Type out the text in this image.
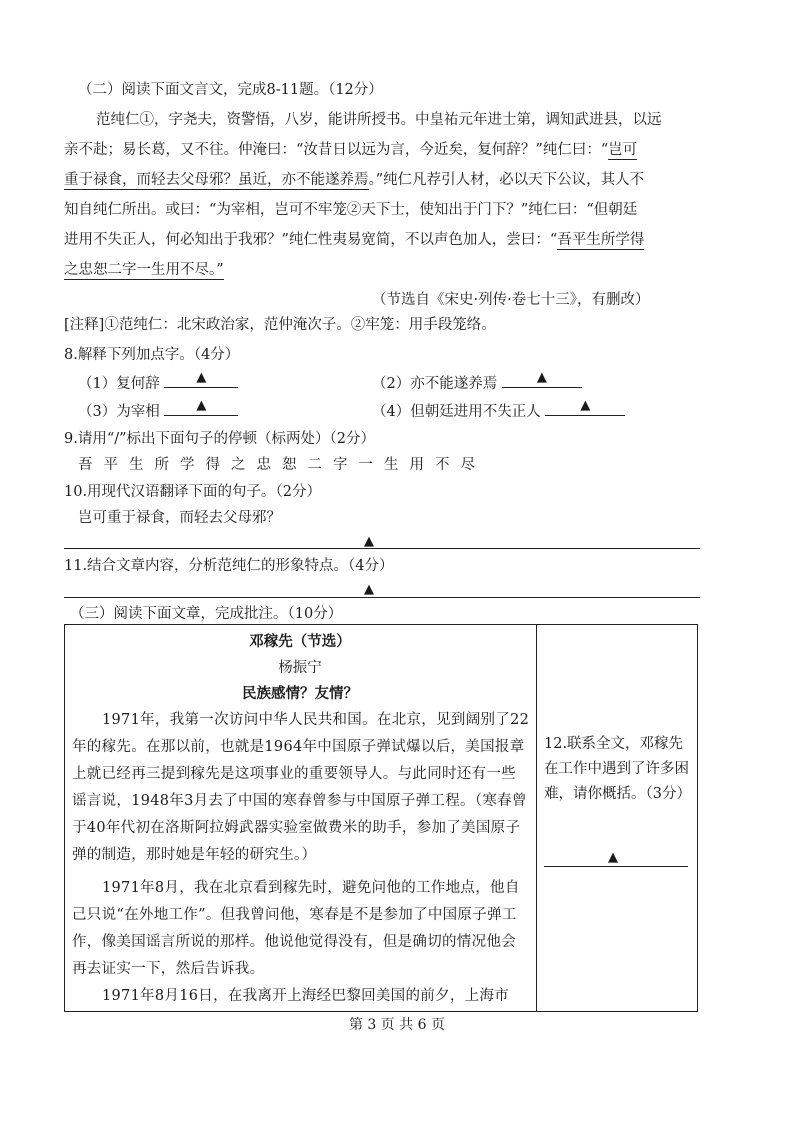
（二）阅读下面文言文，完成8-11题。（12分）
范纯仁①，字尧夫，资警悟，八岁，能讲所授书。中皇祐元年进士第，调知武进县，以远
亲不赴；易长葛，又不往。仲淹曰：“汝昔日以远为言，今近矣，复何辞？”纯仁曰：“岂可
重于禄食，而轻去父母邪？虽近，亦不能遂养焉。”纯仁凡荐引人材，必以天下公议，其人不
知自纯仁所出。或曰：“为宰相，岂可不牢笼②天下士，使知出于门下？”纯仁曰：“但朝廷
进用不失正人，何必知出于我邪？”纯仁性夷易宽简，不以声色加人，尝曰：“吾平生所学得
之忠恕二字一生用不尽。”
（节选自《宋史·列传·卷七十三》，有删改）
[注释]①范纯仁：北宋政治家，范仲淹次子。②牢笼：用手段笼络。
8.解释下列加点字。（4分）
（1）复何辞	▲	（2）亦不能遂养焉	▲
（3）为宰相	▲	（4）但朝廷进用不失正人	▲
9.请用“/”标出下面句子的停顿（标两处）（2分）
吾平生所学得之忠恕二字一生用不尽
10.用现代汉语翻译下面的句子。（2分）
岂可重于禄食，而轻去父母邪？
▲
11.结合文章内容，分析范纯仁的形象特点。（4分）
▲
（三）阅读下面文章，完成批注。（10分）
邓稼先（节选）
杨振宁
民族感情？友情？
1971年，我第一次访问中华人民共和国。在北京，见到阔别了22年的稼先。在那以前，也就是1964年中国原子弹试爆以后，美国报章上就已经再三提到稼先是这项事业的重要领导人。与此同时还有一些谣言说，1948年3月去了中国的寒春曾参与中国原子弹工程。（寒春曾于40年代初在洛斯阿拉姆武器实验室做费米的助手，参加了美国原子弹的制造，那时她是年轻的研究生。）
1971年8月，我在北京看到稼先时，避免问他的工作地点，他自己只说“在外地工作”。但我曾问他，寒春是不是参加了中国原子弹工作，像美国谣言所说的那样。他说他觉得没有，但是确切的情况他会再去证实一下，然后告诉我。
1971年8月16日，在我离开上海经巴黎回美国的前夕，上海市
12.联系全文，邓稼先在工作中遇到了许多困难，请你概括。（3分）
▲
第 3 页 共 6 页
